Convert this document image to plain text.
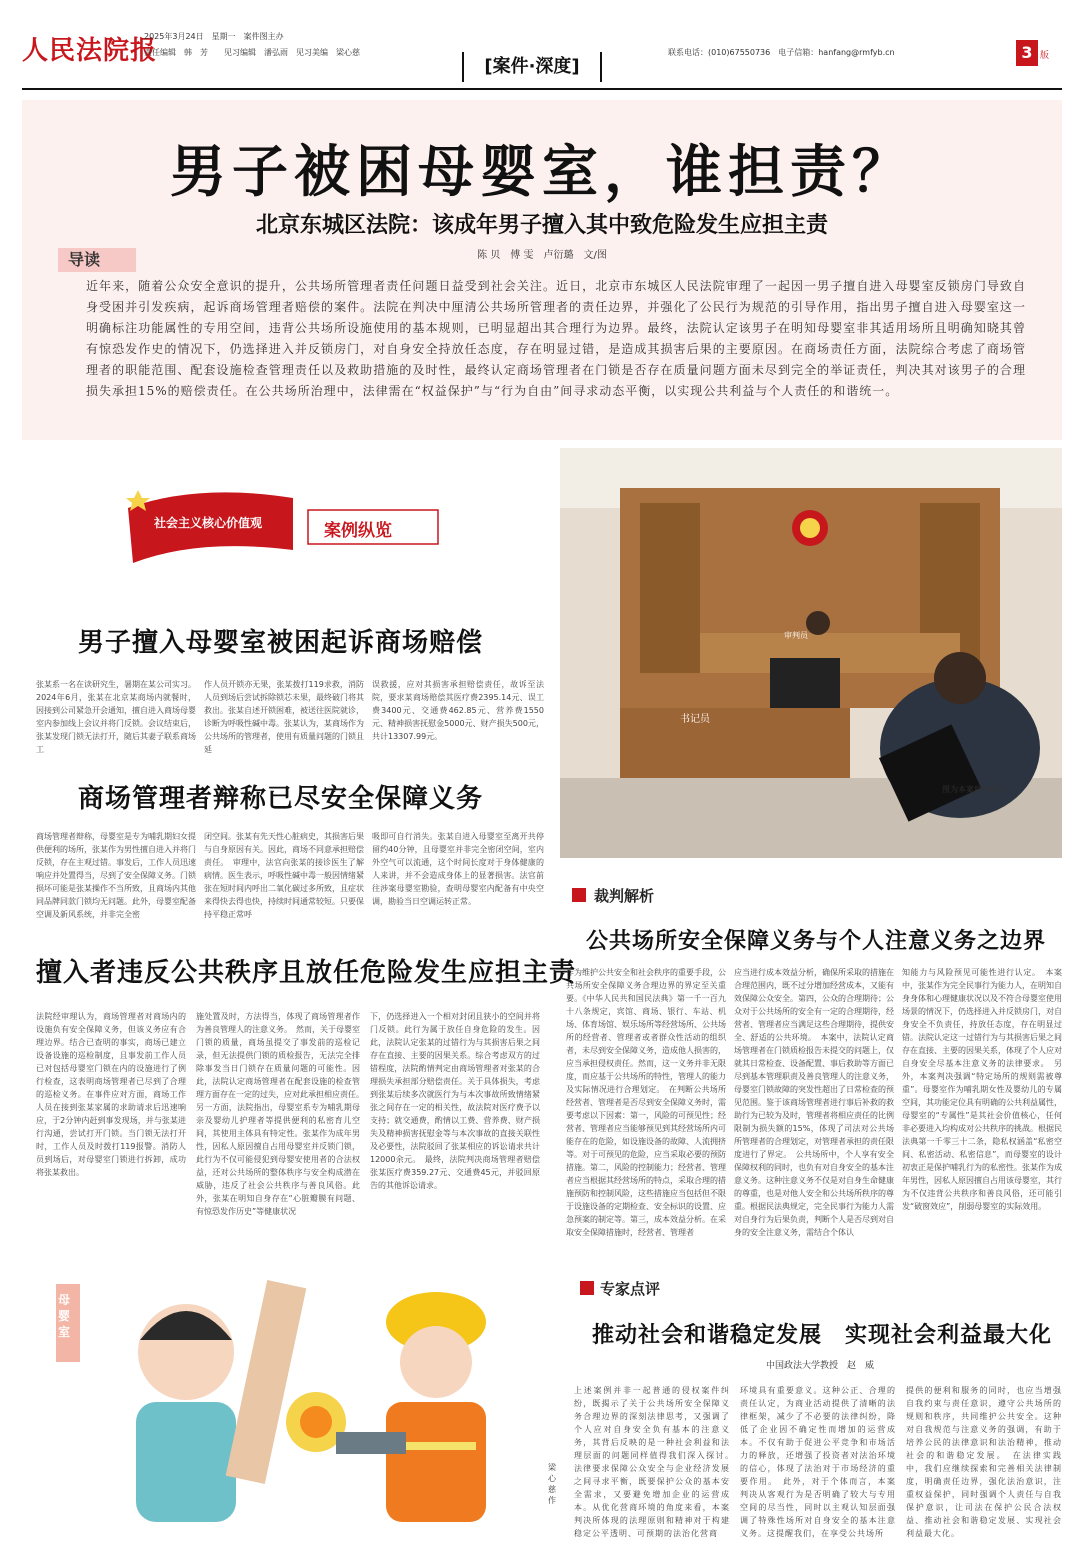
人民法院报
2025年3月24日　星期一　案件图主办
责任编辑　韩　芳　　见习编辑　潘弘雨　见习美编　梁心慈
[案件·深度]
联系电话：(010)67550736　电子信箱：hanfang@rmfyb.cn	3 版
男子被困母婴室，谁担责？
北京东城区法院：该成年男子擅入其中致危险发生应担主责
陈 贝　傅 雯　卢衍璐　文/图
导读
近年来，随着公众安全意识的提升，公共场所管理者责任问题日益受到社会关注。近日，北京市东城区人民法院审理了一起因一男子擅自进入母婴室反锁房门导致自身受困并引发疾病，起诉商场管理者赔偿的案件。法院在判决中厘清公共场所管理者的责任边界，并强化了公民行为规范的引导作用，指出男子擅自进入母婴室这一明确标注功能属性的专用空间，违背公共场所设施使用的基本规则，已明显超出其合理行为边界。最终，法院认定该男子在明知母婴室非其适用场所且明确知晓其曾有惊恐发作史的情况下，仍选择进入并反锁房门，对自身安全持放任态度，存在明显过错，是造成其损害后果的主要原因。在商场责任方面，法院综合考虑了商场管理者的职能范围、配套设施检查管理责任以及救助措施的及时性，最终认定商场管理者在门锁是否存在质量问题方面未尽到完全的举证责任，判决其对该男子的合理损失承担15%的赔偿责任。在公共场所治理中，法律需在“权益保护”与“行为自由”间寻求动态平衡，以实现公共利益与个人责任的和谐统一。
社会主义核心价值观	案例纵览
男子擅入母婴室被困起诉商场赔偿
张某系一名在读研究生，暑期在某公司实习。2024年6月，张某在北京某商场内就餐时，因接到公司紧急开会通知，擅自进入商场母婴室内参加线上会议并将门反锁。会议结束后，张某发现门锁无法打开，随后其妻子联系商场工
作人员开锁亦无果，张某拨打119求救，消防人员到场后尝试拆除锁芯未果，最终破门将其救出。张某自述开锁困难，被送往医院就诊，诊断为呼吸性碱中毒。张某认为，某商场作为公共场所的管理者，使用有质量问题的门锁且延
误救援，应对其损害承担赔偿责任，故诉至法院，要求某商场赔偿其医疗费2395.14元、误工费3400元、交通费462.85元、营养费1550元、精神损害抚慰金5000元、财产损失500元，共计13307.99元。
商场管理者辩称已尽安全保障义务
商场管理者辩称，母婴室是专为哺乳期妇女提供便利的场所，张某作为男性擅自进入并将门反锁，存在主观过错。事发后，工作人员迅速响应并处置得当，尽到了安全保障义务。门锁损坏可能是张某操作不当所致，且商场内其他同品牌同款门锁均无问题。此外，母婴室配备空调及新风系统，并非完全密
闭空间。张某有先天性心脏病史，其损害后果与自身原因有关。因此，商场不同意承担赔偿责任。　审理中，法官向张某的接诊医生了解病情。医生表示，呼吸性碱中毒一般因情绪紧张在短时间内呼出二氧化碳过多所致，且症状来得快去得也快，持续时间通常较短。只要保持平稳正常呼
吸即可自行消失。张某自进入母婴室至离开共停留约40分钟，且母婴室并非完全密闭空间，室内外空气可以流通，这个时间长度对于身体健康的人来讲，并不会造成身体上的显著损害。法官前往涉案母婴室勘验，查明母婴室内配备有中央空调，勘验当日空调运转正常。
擅入者违反公共秩序且放任危险发生应担主责
法院经审理认为，商场管理者对商场内的设施负有安全保障义务，但该义务应有合理边界。结合已查明的事实，商场已建立设备设施的巡检制度，且事发前工作人员已对包括母婴室门锁在内的设施进行了例行检查，这表明商场管理者已尽到了合理的巡检义务。在事件应对方面，商场工作人员在接到张某家属的求助请求后迅速响应，于2分钟内赶到事发现场，并与张某进行沟通，尝试打开门锁。当门锁无法打开时，工作人员及时拨打119报警。消防人员到场后，对母婴室门锁进行拆卸，成功将张某救出。
施处置及时，方法得当，体现了商场管理者作为善良管理人的注意义务。　然而，关于母婴室门锁的质量，商场虽提交了事发前的巡检记录，但无法提供门锁的质检报告，无法完全排除事发当日门锁存在质量问题的可能性。因此，法院认定商场管理者在配套设施的检查管理方面存在一定的过失，应对此承担相应责任。　另一方面，法院指出，母婴室系专为哺乳期母亲及婴幼儿护理者等提供便利的私密育儿空间，其使用主体具有特定性。张某作为成年男性，因私人原因擅自占用母婴室并反锁门锁，此行为不仅可能侵犯到母婴安使用者的合法权益，还对公共场所的整体秩序与安全构成潜在威胁，违反了社会公共秩序与善良风俗。此外，张某在明知自身存在“心脏瓣膜有问题、有惊恐发作历史”等健康状况
下，仍选择进入一个相对封闭且狭小的空间并将门反锁。此行为属于放任自身危险的发生。因此，法院认定张某的过错行为与其损害后果之间存在直接、主要的因果关系。综合考虑双方的过错程度，法院酌情判定由商场管理者对张某的合理损失承担部分赔偿责任。关于具体损失，考虑到张某后续多次就医行为与本次事故所致情绪紧张之间存在一定的相关性，故法院对医疗费予以支持；就交通费，酌情以工费、营养费、财产损失及精神损害抚慰金等与本次事故的直接关联性及必要性，法院驳回了张某相应的诉讼请求共计12000余元。　最终，法院判决商场管理者赔偿张某医疗费359.27元、交通费45元，并驳回原告的其他诉讼请求。
审判员
书记员
图为本案庭审现场。
裁判解析
公共场所安全保障义务与个人注意义务之边界
作为维护公共安全和社会秩序的重要手段，公共场所安全保障义务合理边界的界定至关重要。《中华人民共和国民法典》第一千一百九十八条规定，宾馆、商场、银行、车站、机场、体育场馆、娱乐场所等经营场所、公共场所的经营者、管理者或者群众性活动的组织者，未尽到安全保障义务，造成他人损害的，应当承担侵权责任。然而，这一义务并非无限度，而应基于公共场所的特性，管理人的能力及实际情况进行合理划定。　在判断公共场所经营者、管理者是否尽到安全保障义务时，需要考虑以下因素：第一，风险的可预见性；经营者、管理者应当能够预见到其经营场所内可能存在的危险，如设施设备的故障、人流拥挤等。对于可预见的危险，应当采取必要的预防措施。第二，风险的控制能力；经营者、管理者应当根据其经营场所的特点，采取合理的措施预防和控制风险，这些措施应当包括但不限于设施设备的定期检查、安全标识的设置、应急预案的制定等。第三，成本效益分析。在采取安全保障措施时，经营者、管理者
应当进行成本效益分析，确保所采取的措施在合理范围内，既不过分增加经营成本，又能有效保障公众安全。第四，公众的合理期待；公众对于公共场所的安全有一定的合理期待，经营者、管理者应当满足这些合理期待，提供安全、舒适的公共环境。　本案中，法院认定商场管理者在门锁质检报告未提交的问题上，仅就其日常检查、设备配置、事后救助等方面已尽到基本管理职责及善良管理人的注意义务，母婴室门锁故障的突发性超出了日常检查的预见范围。鉴于该商场管理者进行事后补救的救助行为已较为及时，管理者将相应责任的比例限制为损失额的15%，体现了司法对公共场所管理者的合理划定，对管理者承担的责任限度进行了界定。　公共场所中，个人享有安全保障权利的同时，也负有对自身安全的基本注意义务。这种注意义务不仅是对自身生命健康的尊重，也是对他人安全和公共场所秩序的尊重。根据民法典规定，完全民事行为能力人需对自身行为后果负责，判断个人是否尽到对自身的安全注意义务，需结合个体认
知能力与风险预见可能性进行认定。　本案中，张某作为完全民事行为能力人，在明知自身身体和心理健康状况以及不符合母婴室使用场景的情况下，仍选择进入并反锁房门，对自身安全不负责任，持放任态度，存在明显过错。法院认定这一过错行为与其损害后果之间存在直接、主要的因果关系，体现了个人应对自身安全尽基本注意义务的法律要求。　另外，本案判决强调“特定场所的规则需被尊重”。母婴室作为哺乳期女性及婴幼儿的专属空间，其功能定位具有明确的公共利益属性，母婴室的“专属性”是其社会价值核心，任何非必要进入均构成对公共秩序的挑战。根据民法典第一千零三十二条，隐私权涵盖“私密空间、私密活动、私密信息”，而母婴室的设计初衷正是保护哺乳行为的私密性。张某作为成年男性，因私人原因擅自占用该母婴室，其行为不仅违背公共秩序和善良风俗，还可能引发“破窗效应”，削弱母婴室的实际效用。
母婴室
梁心慈　作
专家点评
推动社会和谐稳定发展　实现社会利益最大化
中国政法大学教授　赵　威
上述案例并非一起普通的侵权案件纠纷，既揭示了关于公共场所安全保障义务合理边界的深刻法律思考，又强调了个人应对自身安全负有基本的注意义务，其背后反映的是一种社会利益和法理层面的问题同样值得我们深入探讨。　法律要求保障公众安全与企业经济发展之间寻求平衡，既要保护公众的基本安全需求，又要避免增加企业的运营成本。从优化营商环境的角度来看，本案判决所体现的法理原则和精神对于构建稳定公平透明、可预期的法治化营商
环境具有重要意义。这种公正、合理的责任认定，为商业活动提供了清晰的法律框架，减少了不必要的法律纠纷，降低了企业因不确定性而增加的运营成本。不仅有助于促进公平竞争和市场活力的释放，还增强了投资者对法治环境的信心，体现了法治对于市场经济的重要作用。　此外，对于个体而言，本案判决从客观行为是否明确了较大与专用空间的尽当性，同时以主观认知层面强调了特殊性场所对自身安全的基本注意义务。这提醒我们，在享受公共场所
提供的便利和服务的同时，也应当增强自我约束与责任意识，遵守公共场所的规则和秩序，共同维护公共安全。这种对自我规范与注意义务的强调，有助于培养公民的法律意识和法治精神，推动社会的和谐稳定发展。　在法律实践中，我们应继续探索和完善相关法律制度，明确责任边界，强化法治意识，注重权益保护，同时强调个人责任与自我保护意识，让司法在保护公民合法权益、推动社会和谐稳定发展、实现社会利益最大化。
